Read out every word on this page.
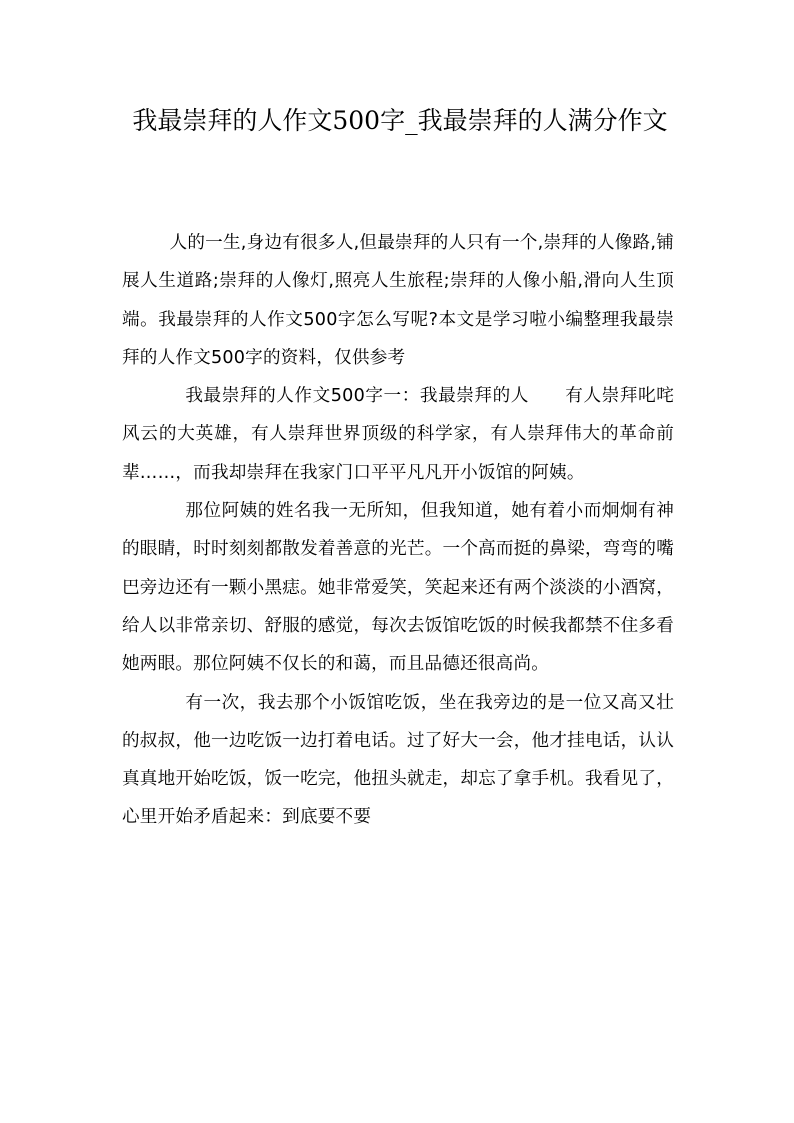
我最崇拜的人作文500字_我最崇拜的人满分作文

人的一生,身边有很多人,但最崇拜的人只有一个,崇拜的人像路,铺展人生道路;崇拜的人像灯,照亮人生旅程;崇拜的人像小船,滑向人生顶端。我最崇拜的人作文500字怎么写呢?本文是学习啦小编整理我最崇拜的人作文500字的资料，仅供参考

我最崇拜的人作文500字一：我最崇拜的人　　有人崇拜叱咤风云的大英雄，有人崇拜世界顶级的科学家，有人崇拜伟大的革命前辈……，而我却崇拜在我家门口平平凡凡开小饭馆的阿姨。

那位阿姨的姓名我一无所知，但我知道，她有着小而炯炯有神的眼睛，时时刻刻都散发着善意的光芒。一个高而挺的鼻梁，弯弯的嘴巴旁边还有一颗小黑痣。她非常爱笑，笑起来还有两个淡淡的小酒窝，给人以非常亲切、舒服的感觉，每次去饭馆吃饭的时候我都禁不住多看她两眼。那位阿姨不仅长的和蔼，而且品德还很高尚。

有一次，我去那个小饭馆吃饭，坐在我旁边的是一位又高又壮的叔叔，他一边吃饭一边打着电话。过了好大一会，他才挂电话，认认真真地开始吃饭，饭一吃完，他扭头就走，却忘了拿手机。我看见了，心里开始矛盾起来：到底要不要
